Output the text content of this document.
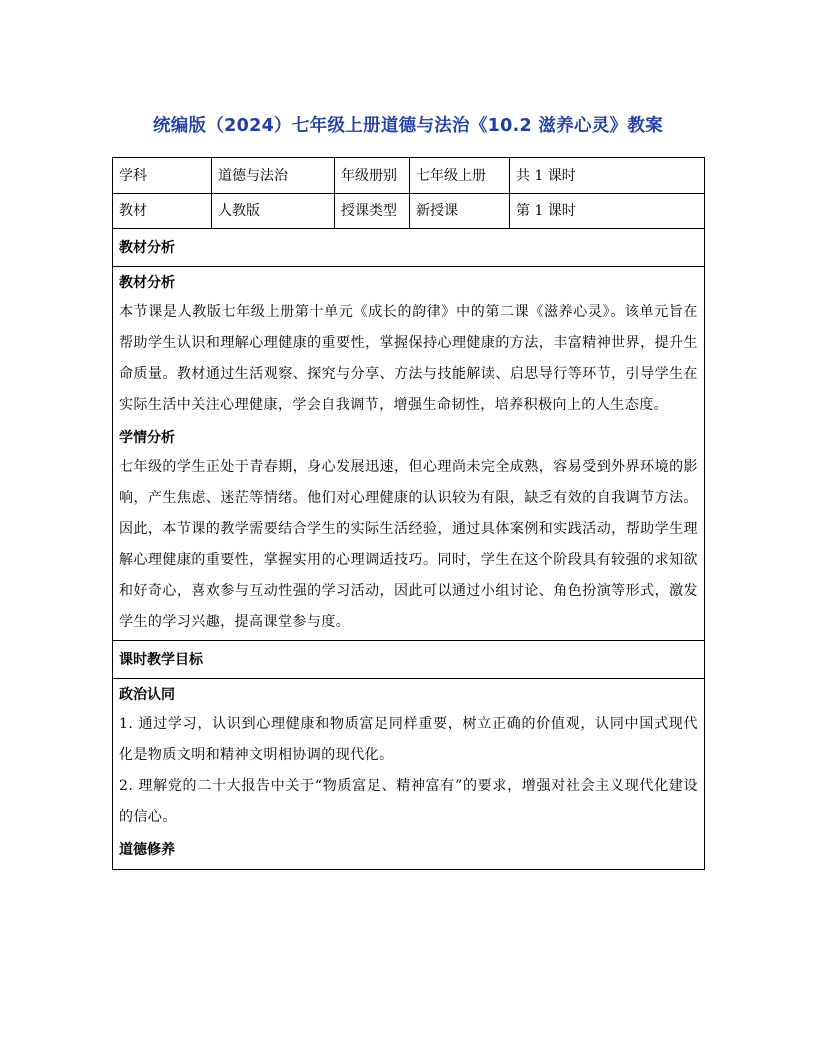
统编版（2024）七年级上册道德与法治《10.2 滋养心灵》教案
学科	道德与法治	年级册别	七年级上册	共 1 课时
教材	人教版	授课类型	新授课	第 1 课时
教材分析				

教材分析

本节课是人教版七年级上册第十单元《成长的韵律》中的第二课《滋养心灵》。该单元旨在帮助学生认识和理解心理健康的重要性，掌握保持心理健康的方法，丰富精神世界，提升生命质量。教材通过生活观察、探究与分享、方法与技能解读、启思导行等环节，引导学生在实际生活中关注心理健康，学会自我调节，增强生命韧性，培养积极向上的人生态度。

学情分析

七年级的学生正处于青春期，身心发展迅速，但心理尚未完全成熟，容易受到外界环境的影响，产生焦虑、迷茫等情绪。他们对心理健康的认识较为有限，缺乏有效的自我调节方法。因此，本节课的教学需要结合学生的实际生活经验，通过具体案例和实践活动，帮助学生理解心理健康的重要性，掌握实用的心理调适技巧。同时，学生在这个阶段具有较强的求知欲和好奇心，喜欢参与互动性强的学习活动，因此可以通过小组讨论、角色扮演等形式，激发学生的学习兴趣，提高课堂参与度。				

课时教学目标				

政治认同

1. 通过学习，认识到心理健康和物质富足同样重要，树立正确的价值观，认同中国式现代化是物质文明和精神文明相协调的现代化。

2. 理解党的二十大报告中关于“物质富足、精神富有”的要求，增强对社会主义现代化建设的信心。

道德修养				
